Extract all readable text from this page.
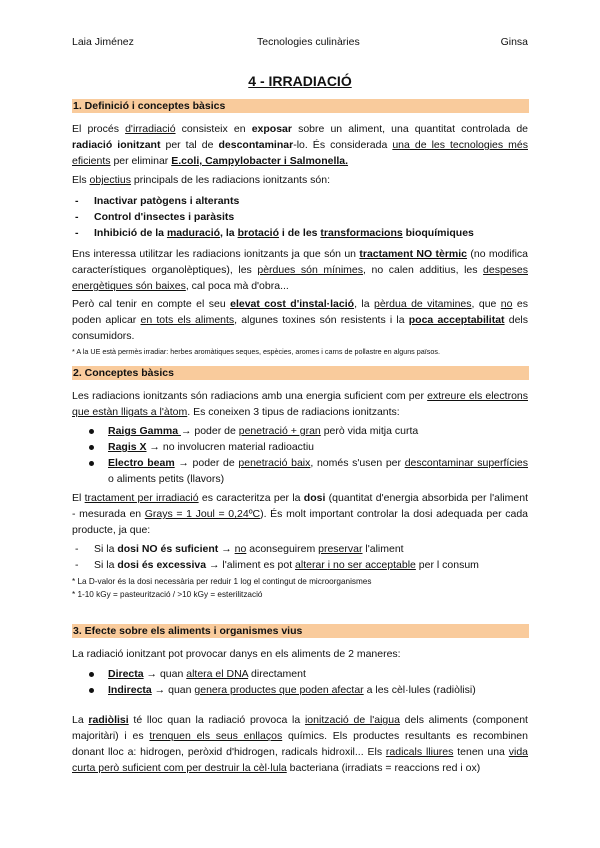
Laia Jiménez	Tecnologies culinàries	Ginsa
4 - IRRADIACIÓ
1. Definició i conceptes bàsics
El procés d'irradiació consisteix en exposar sobre un aliment, una quantitat controlada de radiació ionitzant per tal de descontaminar-lo. És considerada una de les tecnologies més eficients per eliminar E.coli, Campylobacter i Salmonella.
Els objectius principals de les radiacions ionitzants són:
- Inactivar patògens i alterants
- Control d'insectes i paràsits
- Inhibició de la maduració, la brotació i de les transformacions bioquímiques
Ens interessa utilitzar les radiacions ionitzants ja que són un tractament NO tèrmic (no modifica característiques organolèptiques), les pèrdues són mínimes, no calen additius, les despeses energètiques són baixes, cal poca mà d'obra...
Però cal tenir en compte el seu elevat cost d'instal·lació, la pèrdua de vitamines, que no es poden aplicar en tots els aliments, algunes toxines són resistents i la poca acceptabilitat dels consumidors.
* A la UE està permès irradiar: herbes aromàtiques seques, espècies, aromes i carns de pollastre en alguns països.
2. Conceptes bàsics
Les radiacions ionitzants són radiacions amb una energia suficient com per extreure els electrons que estàn lligats a l'àtom. Es coneixen 3 tipus de radiacions ionitzants:
Raigs Gamma → poder de penetració + gran però vida mitja curta
Ragis X → no involucren material radioactiu
Electro beam → poder de penetració baix, només s'usen per descontaminar superfícies o aliments petits (llavors)
El tractament per irradiació es caracteritza per la dosi (quantitat d'energia absorbida per l'aliment - mesurada en Grays = 1 Joul = 0,24ºC). És molt important controlar la dosi adequada per cada producte, ja que:
- Si la dosi NO és suficient → no aconseguirem preservar l'aliment
- Si la dosi és excessiva → l'aliment es pot alterar i no ser acceptable per l consum
* La D-valor és la dosi necessària per reduir 1 log el contingut de microorganismes
* 1-10 kGy = pasteurització / >10 kGy = esterilització
3. Efecte sobre els aliments i organismes vius
La radiació ionitzant pot provocar danys en els aliments de 2 maneres:
Directa → quan altera el DNA directament
Indirecta → quan genera productes que poden afectar a les cèl·lules (radiòlisi)
La radiòlisi té lloc quan la radiació provoca la ionització de l'aigua dels aliments (component majoritàri) i es trenquen els seus enllaços químics. Els productes resultants es recombinen donant lloc a: hidrogen, peròxid d'hidrogen, radicals hidroxil... Els radicals lliures tenen una vida curta però suficient com per destruir la cèl·lula bacteriana (irradiats = reaccions red i ox)
